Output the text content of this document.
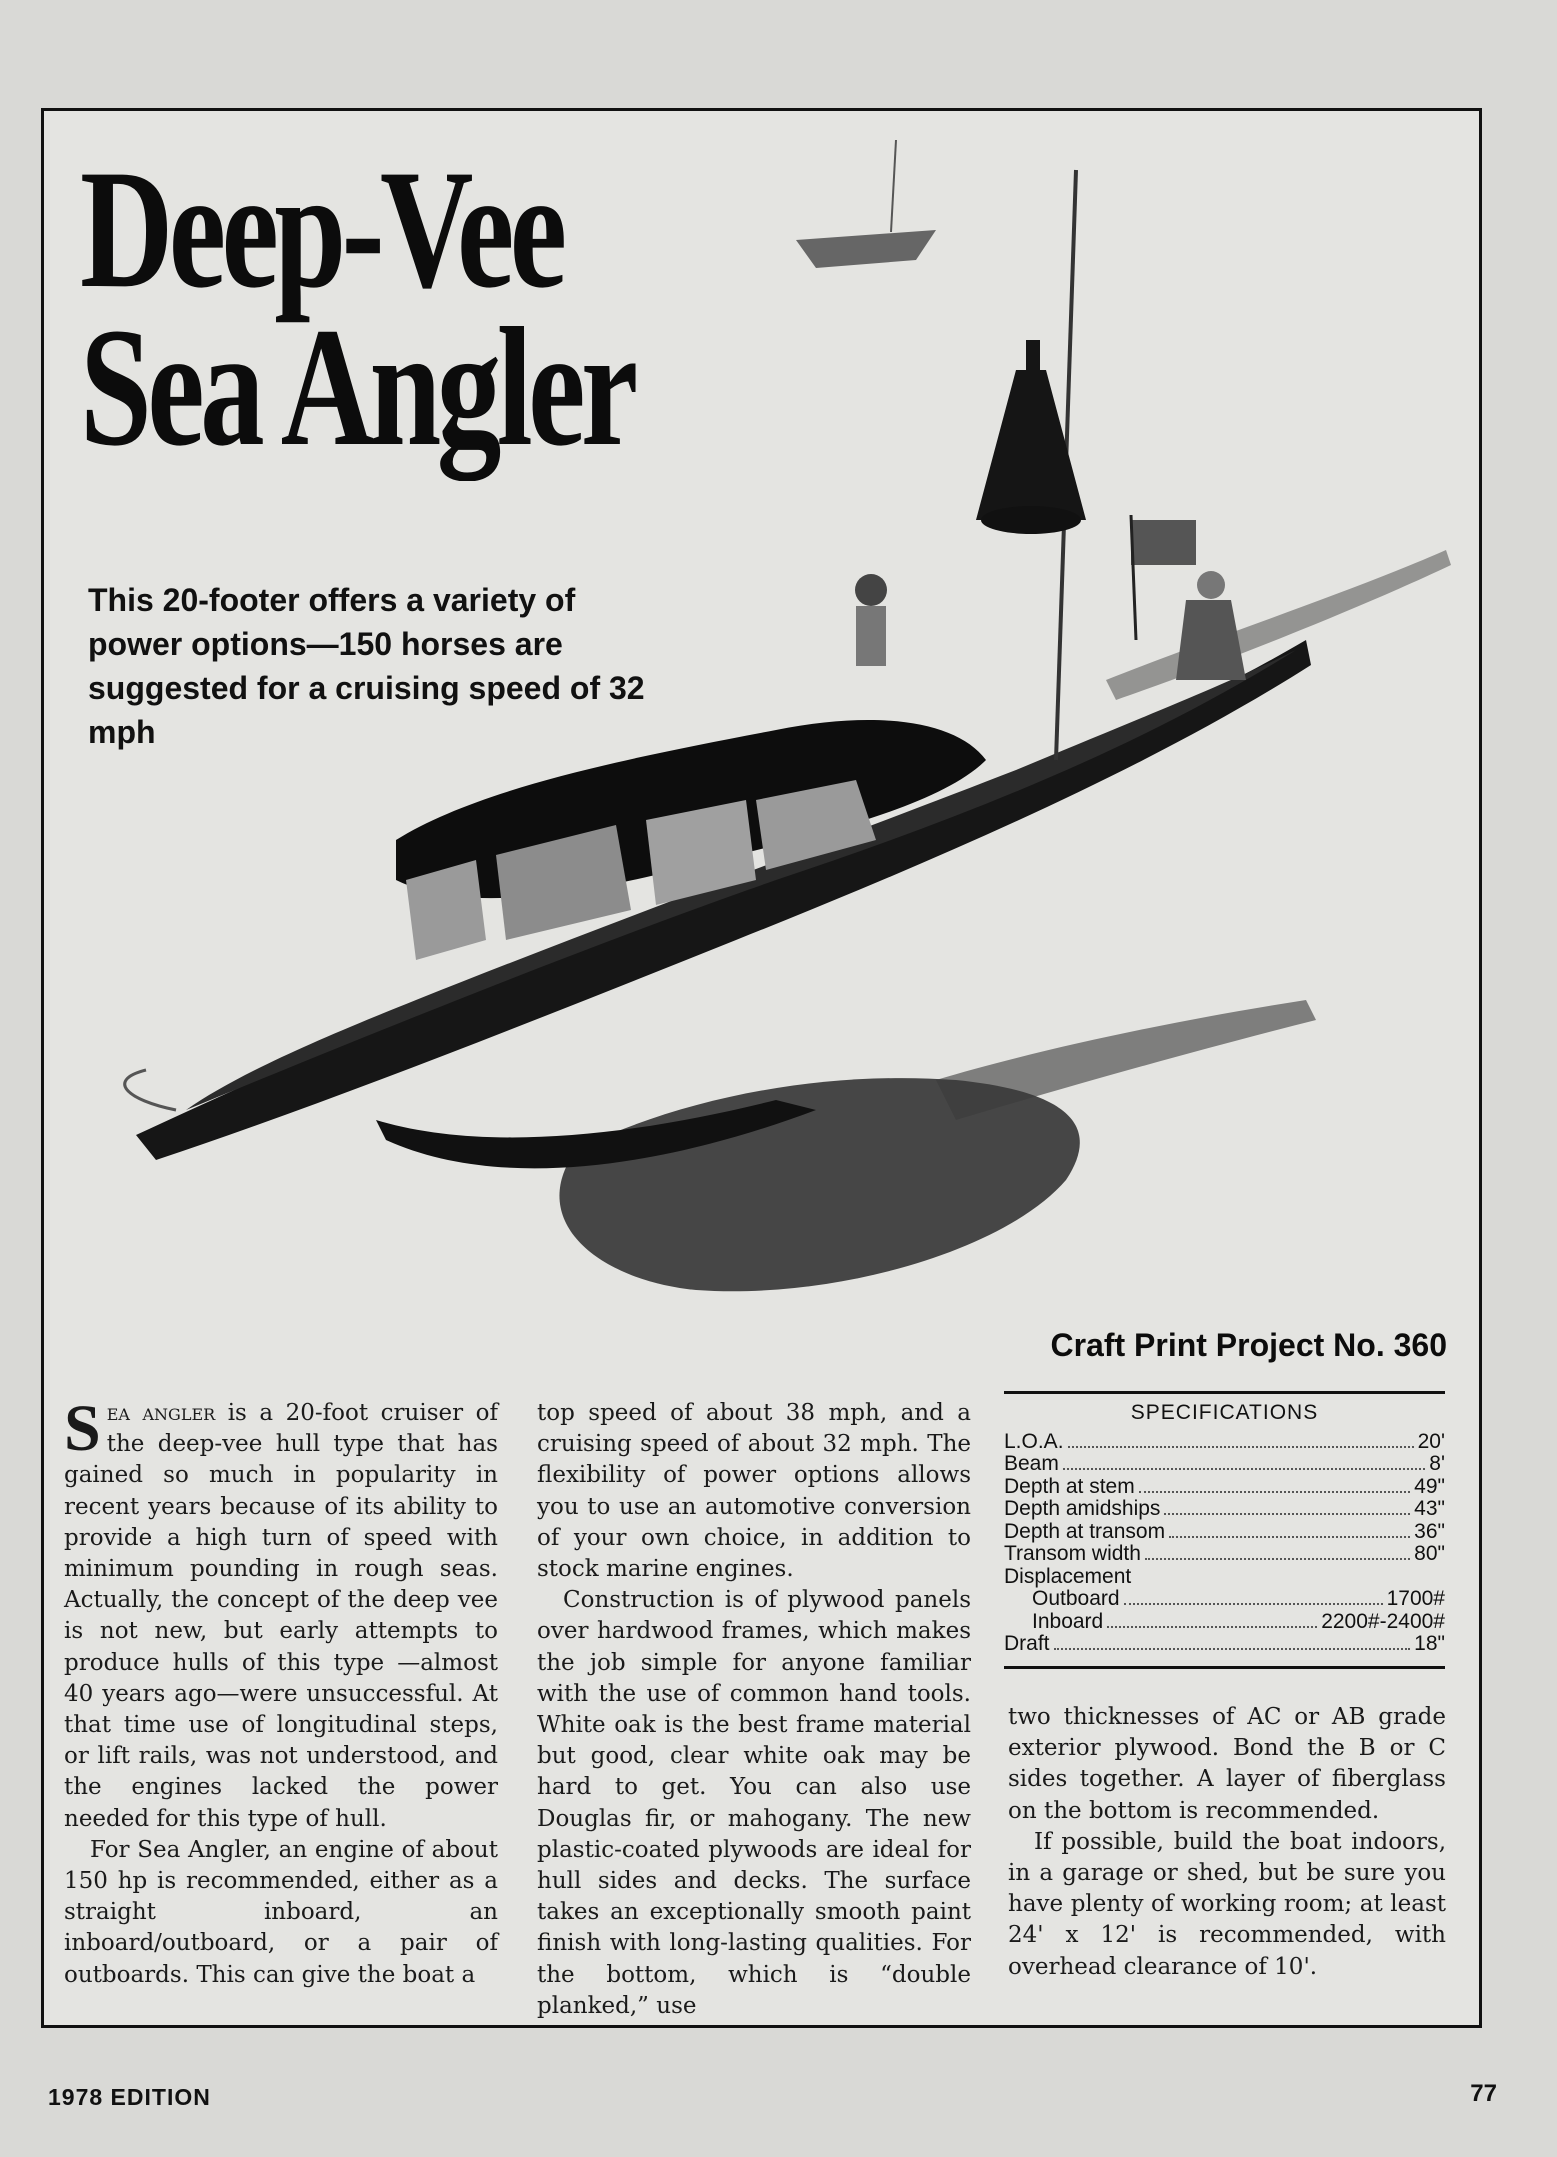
Deep-Vee
Sea Angler
This 20-footer offers a variety of power options—150 horses are suggested for a cruising speed of 32 mph
Craft Print Project No. 360

Sea angler is a 20-foot cruiser of the deep-vee hull type that has gained so much in popularity in recent years because of its ability to provide a high turn of speed with minimum pounding in rough seas. Actually, the concept of the deep vee is not new, but early attempts to produce hulls of this type —almost 40 years ago—were unsuccessful. At that time use of longitudinal steps, or lift rails, was not understood, and the engines lacked the power needed for this type of hull.

For Sea Angler, an engine of about 150 hp is recommended, either as a straight inboard, an inboard/outboard, or a pair of outboards. This can give the boat a

top speed of about 38 mph, and a cruising speed of about 32 mph. The flexibility of power options allows you to use an automotive conversion of your own choice, in addition to stock marine engines.

Construction is of plywood panels over hardwood frames, which makes the job simple for anyone familiar with the use of common hand tools. White oak is the best frame material but good, clear white oak may be hard to get. You can also use Douglas fir, or mahogany. The new plastic-coated plywoods are ideal for hull sides and decks. The surface takes an exceptionally smooth paint finish with long-lasting qualities. For the bottom, which is “double planked,” use

SPECIFICATIONS
L.O.A.	20'
Beam	8'
Depth at stem	49"
Depth amidships	43"
Depth at transom	36"
Transom width	80"
Displacement
Outboard	1700#
Inboard	2200#-2400#
Draft	18"

two thicknesses of AC or AB grade exterior plywood. Bond the B or C sides together. A layer of fiberglass on the bottom is recommended.

If possible, build the boat indoors, in a garage or shed, but be sure you have plenty of working room; at least 24' x 12' is recommended, with overhead clearance of 10'.

1978 EDITION	77
